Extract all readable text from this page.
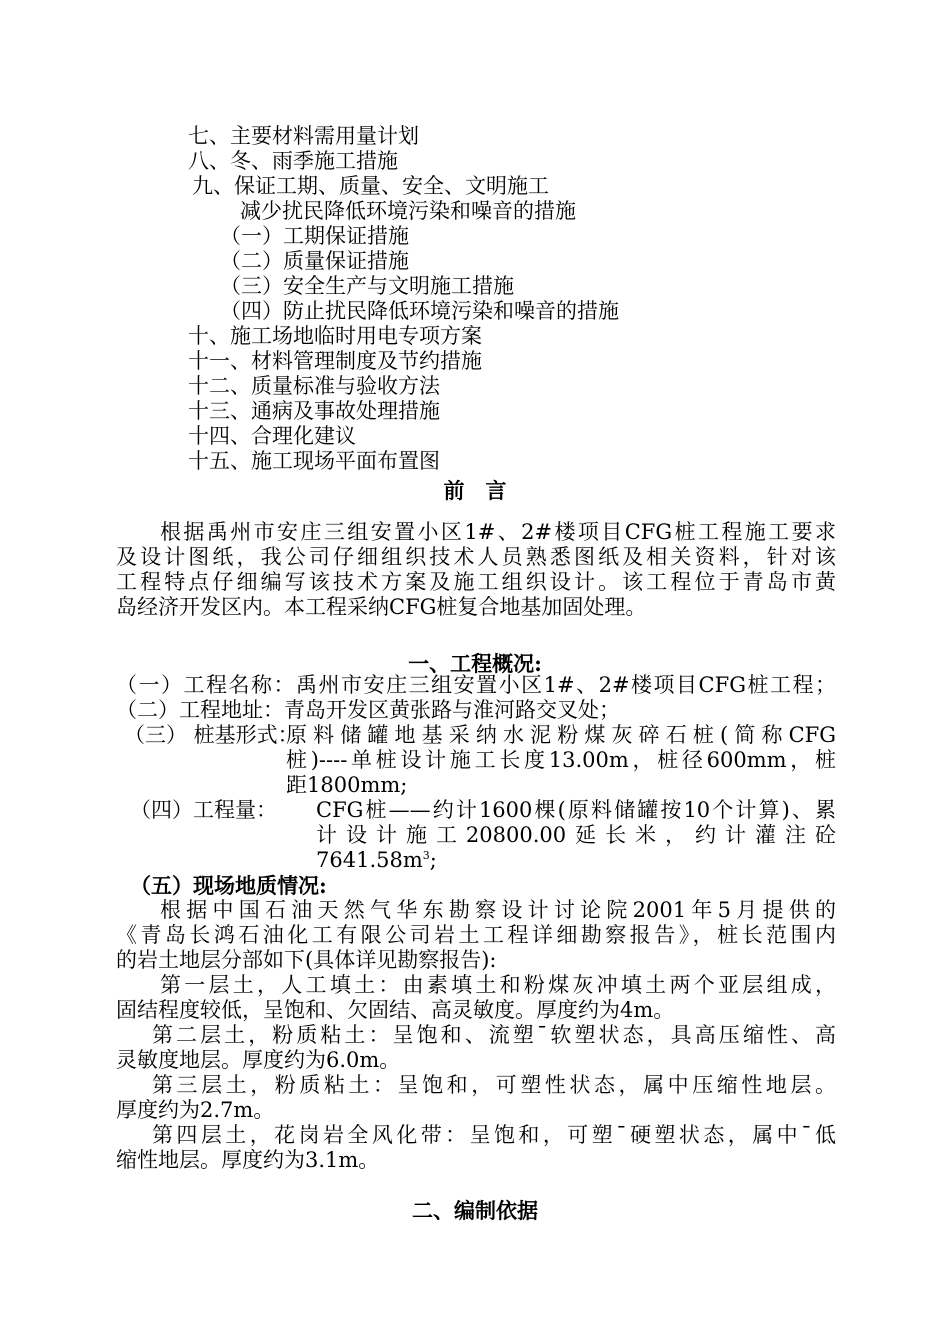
七、主要材料需用量计划
八、冬、雨季施工措施
九、保证工期、质量、安全、文明施工
减少扰民降低环境污染和噪音的措施
（一）工期保证措施
（二）质量保证措施
（三）安全生产与文明施工措施
（四）防止扰民降低环境污染和噪音的措施
十、施工场地临时用电专项方案
十一、材料管理制度及节约措施
十二、质量标准与验收方法
十三、通病及事故处理措施
十四、合理化建议
十五、施工现场平面布置图
前　言
根据禹州市安庄三组安置小区1#、2#楼项目CFG桩工程施工要求
及设计图纸，我公司仔细组织技术人员熟悉图纸及相关资料，针对该
工程特点仔细编写该技术方案及施工组织设计。该工程位于青岛市黄
岛经济开发区内。本工程采纳CFG桩复合地基加固处理。
一、工程概况:
（一）工程名称：禹州市安庄三组安置小区1#、2#楼项目CFG桩工程；
（二）工程地址：青岛开发区黄张路与淮河路交叉处；
（三） 桩基形式：
原料储罐地基采纳水泥粉煤灰碎石桩(简称CFG
桩)----单桩设计施工长度13.00m，桩径600mm，桩
距1800mm;
（四）工程量： CFG桩——约计1600棵(原料储罐按10个计算)、累
计设计施工20800.00延长米，约计灌注砼
$7641.58m^3$;
（五）现场地质情况:
根据中国石油天然气华东勘察设计讨论院2001年5月提供的
《青岛长鸿石油化工有限公司岩土工程详细勘察报告》，桩长范围内
的岩土地层分部如下(具体详见勘察报告):
第一层土，人工填土：由素填土和粉煤灰冲填土两个亚层组成，
固结程度较低，呈饱和、欠固结、高灵敏度。厚度约为4m。
第二层土，粉质粘土：呈饱和、流塑¯软塑状态，具高压缩性、高
灵敏度地层。厚度约为6.0m。
第三层土，粉质粘土：呈饱和，可塑性状态，属中压缩性地层。
厚度约为2.7m。
第四层土，花岗岩全风化带：呈饱和，可塑¯硬塑状态，属中¯低
缩性地层。厚度约为3.1m。
二、编制依据
